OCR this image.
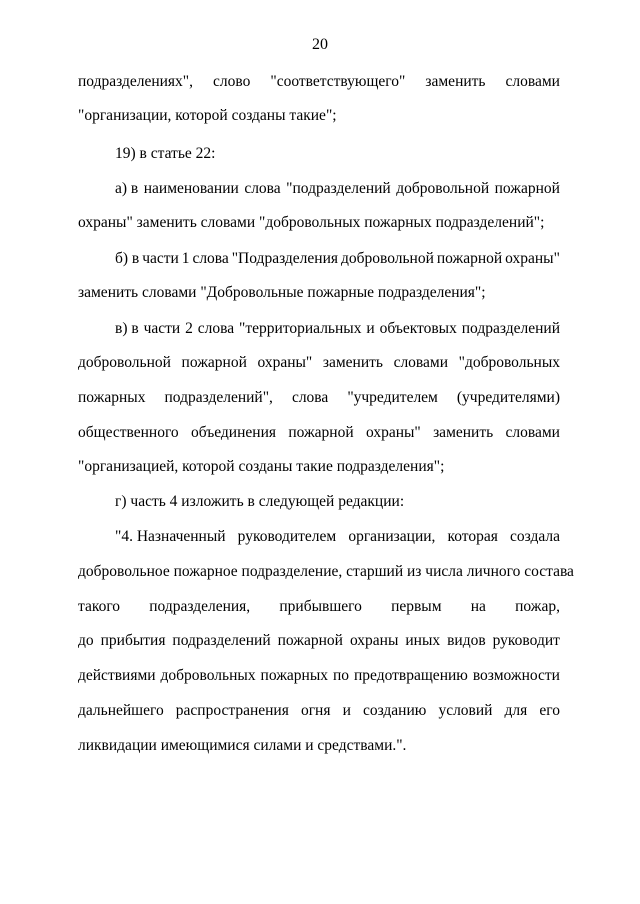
20
подразделениях", слово "соответствующего" заменить словами
"организации, которой созданы такие";
19) в статье 22:
а) в наименовании слова "подразделений добровольной пожарной
охраны" заменить словами "добровольных пожарных подразделений";
б) в части 1 слова "Подразделения добровольной пожарной охраны"
заменить словами "Добровольные пожарные подразделения";
в) в части 2 слова "территориальных и объектовых подразделений
добровольной пожарной охраны" заменить словами "добровольных
пожарных подразделений", слова "учредителем (учредителями)
общественного объединения пожарной охраны" заменить словами
"организацией, которой созданы такие подразделения";
г) часть 4 изложить в следующей редакции:
"4. Назначенный руководителем организации, которая создала
добровольное пожарное подразделение, старший из числа личного состава
такого подразделения, прибывшего первым на пожар,
до прибытия подразделений пожарной охраны иных видов руководит
действиями добровольных пожарных по предотвращению возможности
дальнейшего распространения огня и созданию условий для его
ликвидации имеющимися силами и средствами.".
